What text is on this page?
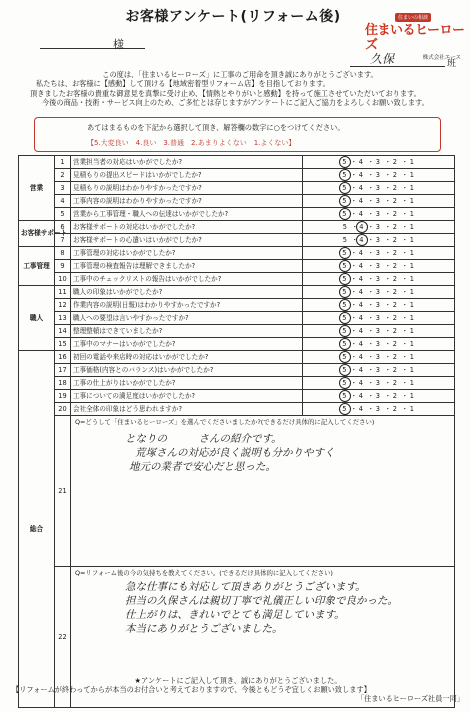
お客様アンケート(リフォーム後)
様
住まいの相談
住まいるヒーローズ
株式会社エース
久保	班
この度は、「住まいるヒーローズ」に工事のご用命を頂き誠にありがとうございます。
私たちは、お客様に【感動】して頂ける【地域密着型リフォーム店】を目指しております。
頂きましたお客様の貴重な御意見を真摯に受け止め、【情熱とやりがいと感動】を持って施工させていただいております。
今後の商品・技術・サービス向上のため、ご多忙とは存じますがアンケートにご記入ご協力をよろしくお願い致します。
あてはまるものを下記から選択して頂き、解答欄の数字に○をつけてください。
【5.大変良い　4.良い　3.普通　2.あまりよくない　1.よくない】
営業	1	営業担当者の対応はいかがでしたか?	5 ・ 4 ・ 3 ・ 2 ・ 1
	2	見積もりの提出スピードはいかがでしたか?	5 ・ 4 ・ 3 ・ 2 ・ 1
	3	見積もりの説明はわかりやすかったですか?	5 ・ 4 ・ 3 ・ 2 ・ 1
	4	工事内容の説明はわかりやすかったですか?	5 ・ 4 ・ 3 ・ 2 ・ 1
	5	営業から工事管理・職人への伝達はいかがでしたか?	5 ・ 4 ・ 3 ・ 2 ・ 1
お客様サポート	6	お客様サポートの対応はいかがでしたか?	5 ・4 ・ 3 ・ 2 ・ 1
	7	お客様サポートの心遣いはいかがでしたか?	5 ・4 ・ 3 ・ 2 ・ 1
工事管理	8	工事管理の対応はいかがでしたか?	5 ・ 4 ・ 3 ・ 2 ・ 1
	9	工事管理の検査報告は理解できましたか?	5 ・ 4 ・ 3 ・ 2 ・ 1
	10	工事中のチェックリストの報告はいかがでしたか?	5 ・ 4 ・ 3 ・ 2 ・ 1
職人	11	職人の印象はいかがでしたか?	5 ・ 4 ・ 3 ・ 2 ・ 1
	12	作業内容の説明(日報)はわかりやすかったですか?	5 ・ 4 ・ 3 ・ 2 ・ 1
	13	職人への要望は言いやすかったですか?	5 ・ 4 ・ 3 ・ 2 ・ 1
	14	整理整頓はできていましたか?	5 ・ 4 ・ 3 ・ 2 ・ 1
	15	工事中のマナーはいかがでしたか?	5 ・ 4 ・ 3 ・ 2 ・ 1
総合	16	初回の電話や来店時の対応はいかがでしたか?	5 ・ 4 ・ 3 ・ 2 ・ 1
	17	工事価格(内容とのバランス)はいかがでしたか?	5 ・ 4 ・ 3 ・ 2 ・ 1
	18	工事の仕上がりはいかがでしたか?	5 ・ 4 ・ 3 ・ 2 ・ 1
	19	工事についての満足度はいかがでしたか?	5 ・ 4 ・ 3 ・ 2 ・ 1
	20	会社全体の印象はどう思われますか?	5 ・ 4 ・ 3 ・ 2 ・ 1
	21	Q=どうして「住まいるヒーローズ」を選んでくださいましたか?(できるだけ具体的に記入してください)
となりの　　　さんの紹介です。
荒塚さんの対応が良く説明も分かりやすく
地元の業者で安心だと思った。	

	22	Q=リフォーム後の今の気持ちを教えてください。(できるだけ具体的に記入してください)
急な仕事にも対応して頂きありがとうございます。
担当の久保さんは親切丁寧で礼儀正しい印象で良かった。
仕上がりは、きれいでとても満足しています。
本当にありがとうございました。	
★アンケートにご記入して頂き、誠にありがとうございました。
【リフォームが終わってからが本当のお付合いと考えておりますので、今後ともどうぞ宜しくお願い致します】
「住まいるヒーローズ社員一同」
